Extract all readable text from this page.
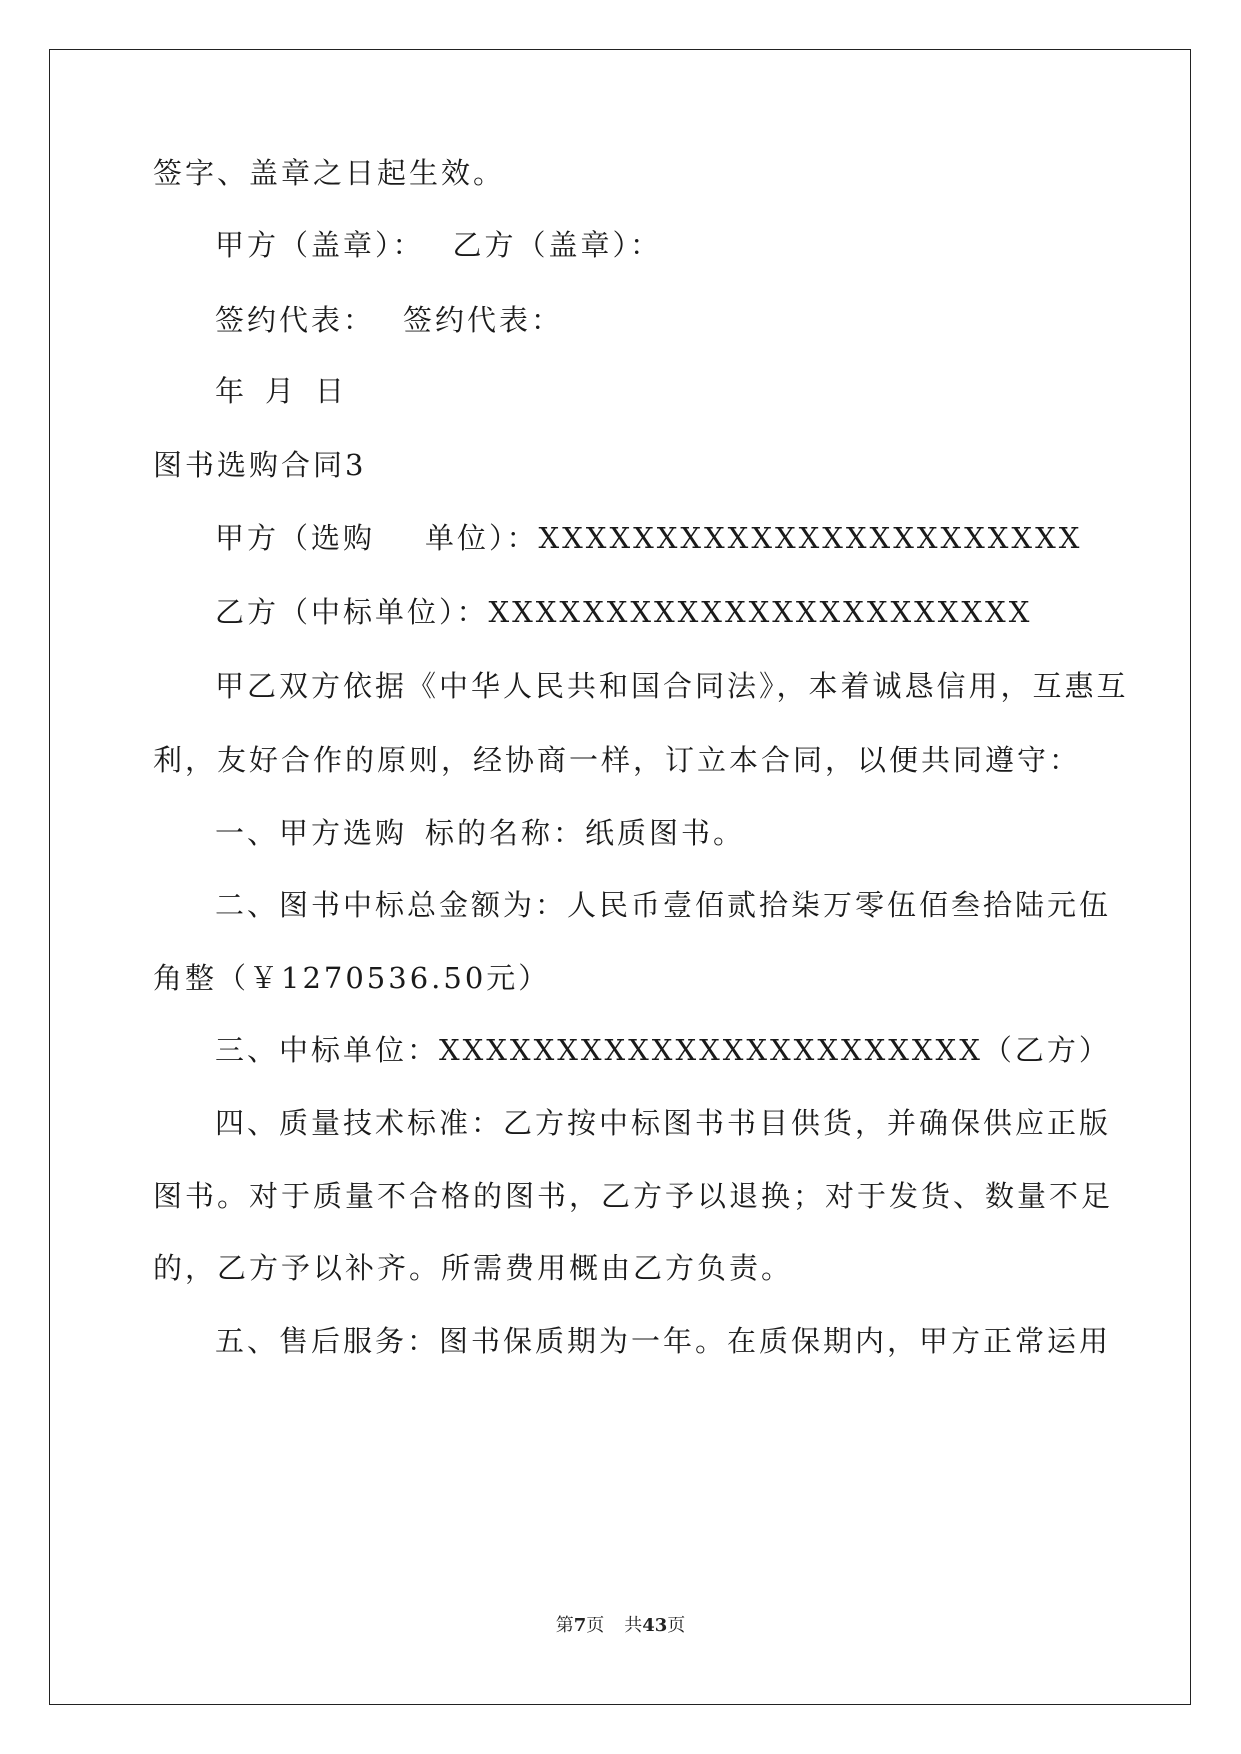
签字、盖章之日起生效。
甲方（盖章）： 乙方（盖章）：
签约代表： 签约代表：
年 月 日
图书选购合同3
甲方（选购 单位）：XXXXXXXXXXXXXXXXXXXXXXX
乙方（中标单位）：XXXXXXXXXXXXXXXXXXXXXXX
甲乙双方依据《中华人民共和国合同法》，本着诚恳信用，互惠互
利，友好合作的原则，经协商一样，订立本合同，以便共同遵守：
一、甲方选购 标的名称：纸质图书。
二、图书中标总金额为：人民币壹佰贰拾柒万零伍佰叁拾陆元伍
角整（￥1270536.50元）
三、中标单位：XXXXXXXXXXXXXXXXXXXXXXX（乙方）
四、质量技术标准：乙方按中标图书书目供货，并确保供应正版
图书。对于质量不合格的图书，乙方予以退换；对于发货、数量不足
的，乙方予以补齐。所需费用概由乙方负责。
五、售后服务：图书保质期为一年。在质保期内，甲方正常运用
第7页 共43页
